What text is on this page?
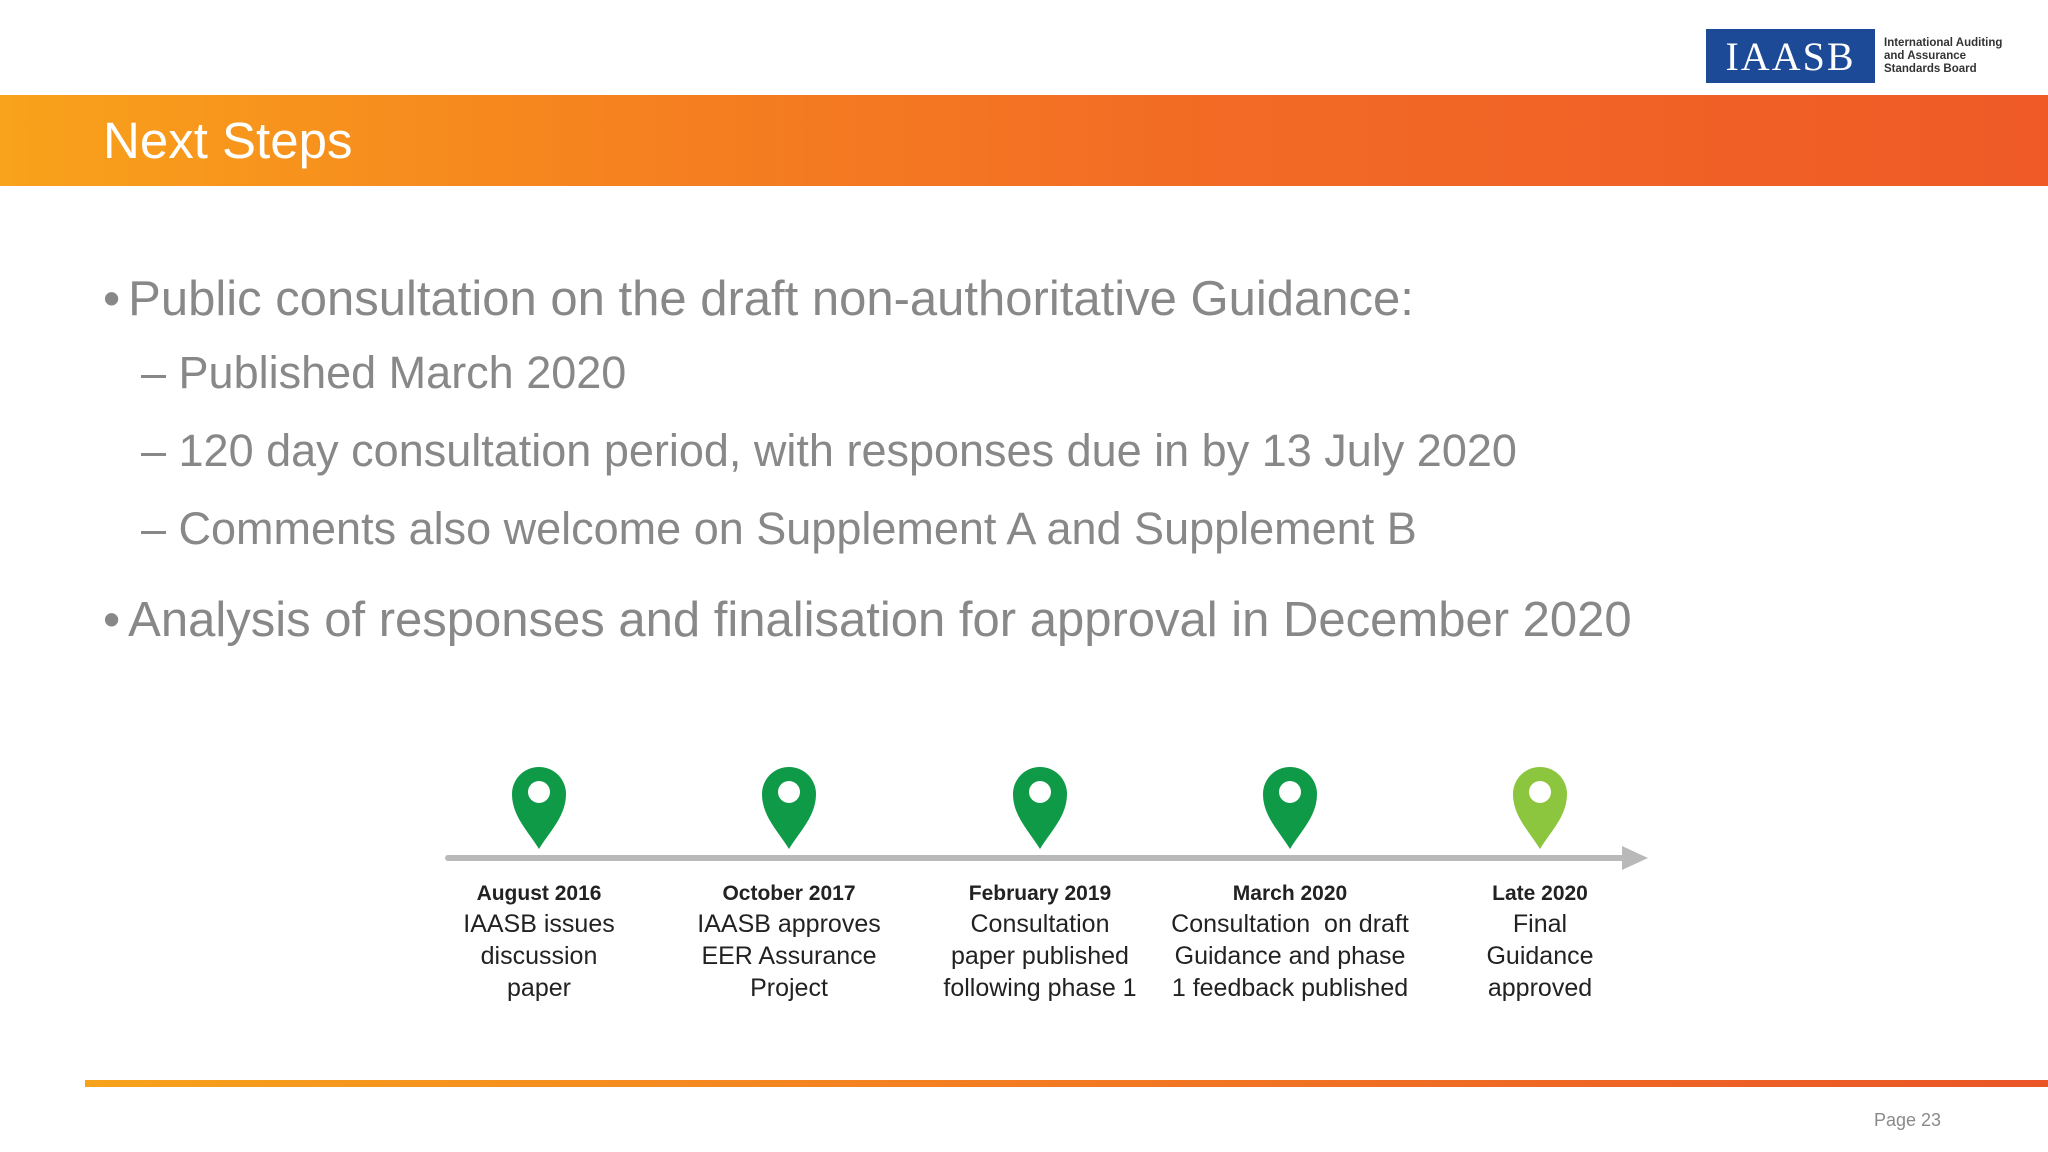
IAASB	International Auditing
and Assurance
Standards Board
Next Steps
• Public consultation on the draft non-authoritative Guidance:
– Published March 2020
– 120 day consultation period, with responses due in by 13 July 2020
– Comments also welcome on Supplement A and Supplement B
• Analysis of responses and finalisation for approval in December 2020
August 2016
IAASB issues
discussion
paper
October 2017
IAASB approves
EER Assurance
Project
February 2019
Consultation
paper published
following phase 1
March 2020
Consultation  on draft
Guidance and phase
1 feedback published
Late 2020
Final
Guidance
approved
Page 23
